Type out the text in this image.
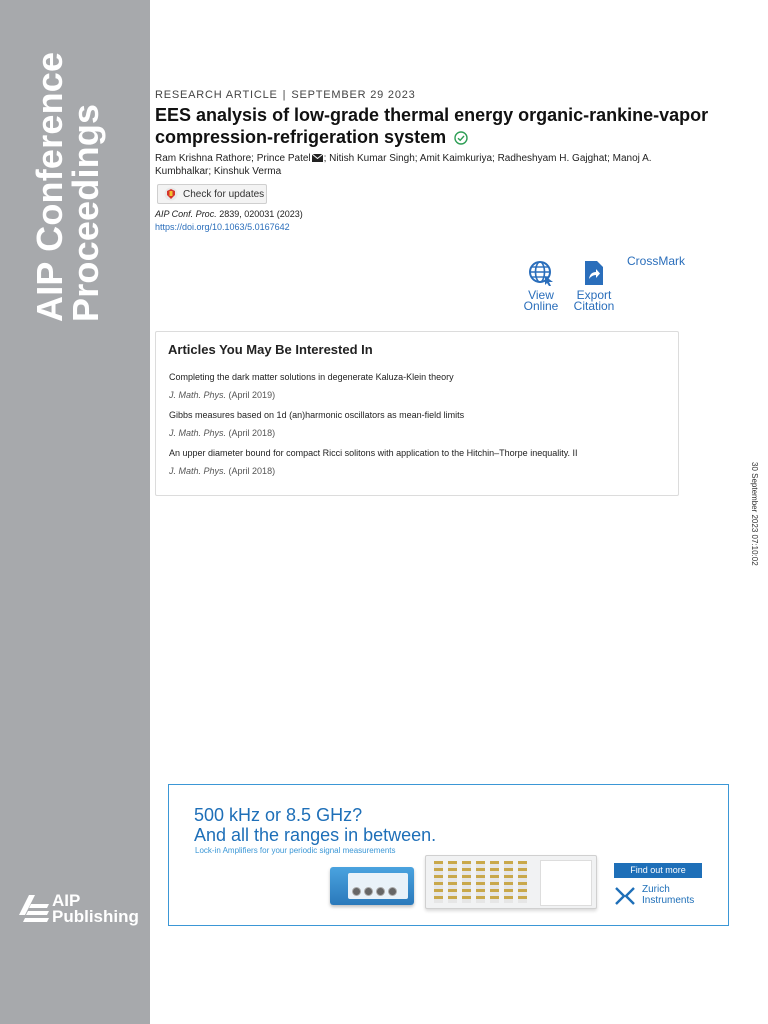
AIP Conference
Proceedings
AIP
Publishing
RESEARCH ARTICLE | SEPTEMBER 29 2023
EES analysis of low-grade thermal energy organic-rankine-vapor compression-refrigeration system
Ram Krishna Rathore; Prince Patel ; Nitish Kumar Singh; Amit Kaimkuriya; Radheshyam H. Gajghat; Manoj A. Kumbhalkar; Kinshuk Verma
Check for updates
AIP Conf. Proc. 2839, 020031 (2023)
https://doi.org/10.1063/5.0167642
View
Online
Export
Citation
CrossMark
Articles You May Be Interested In
Completing the dark matter solutions in degenerate Kaluza-Klein theory
J. Math. Phys. (April 2019)
Gibbs measures based on 1d (an)harmonic oscillators as mean-field limits
J. Math. Phys. (April 2018)
An upper diameter bound for compact Ricci solitons with application to the Hitchin–Thorpe inequality. II
J. Math. Phys. (April 2018)	30 September 2023 07:10:02
500 kHz or 8.5 GHz?
And all the ranges in between.
Lock-in Amplifiers for your periodic signal measurements
Find out more
Zurich
Instruments
